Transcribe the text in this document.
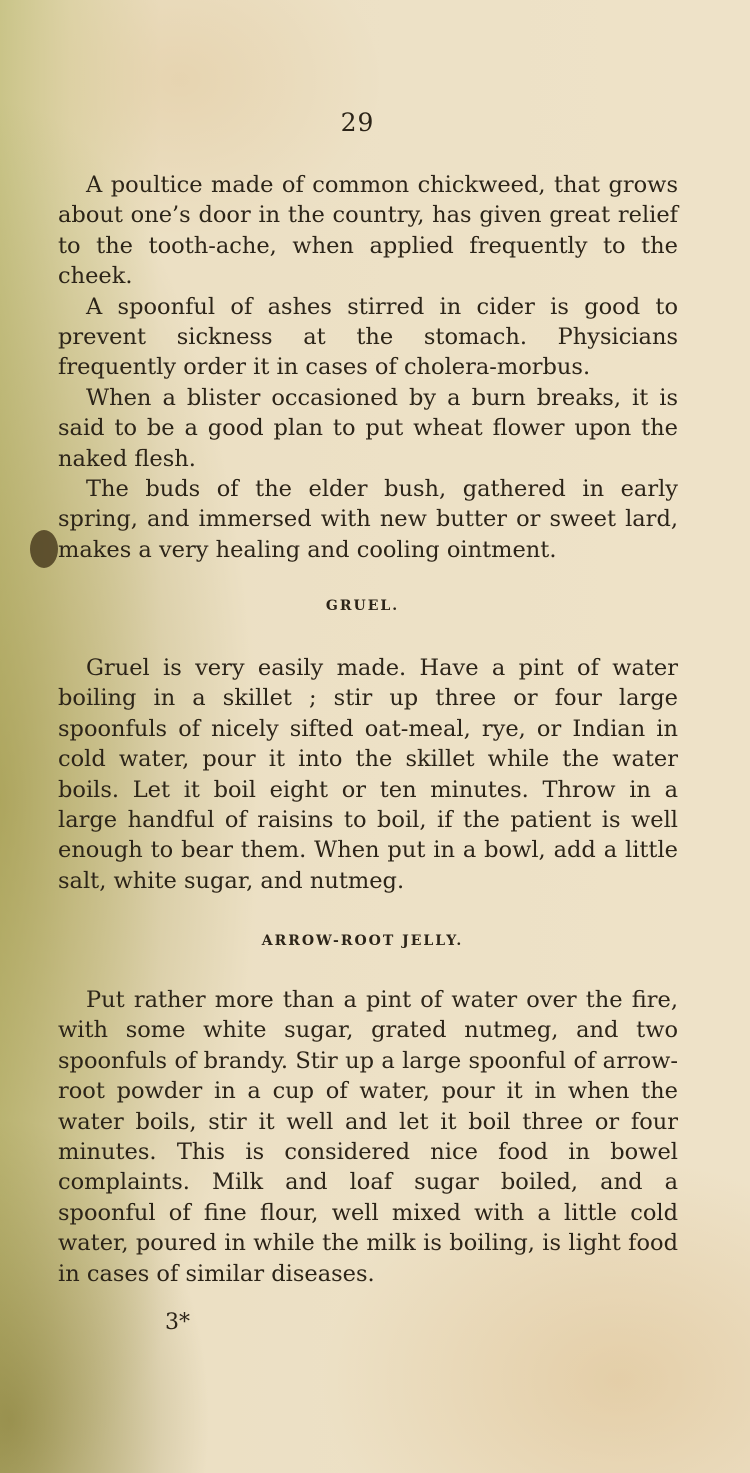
29

A poultice made of common chickweed, that grows about one’s door in the country, has given great relief to the tooth-ache, when applied frequently to the cheek.

A spoonful of ashes stirred in cider is good to prevent sickness at the stomach. Physicians frequently order it in cases of cholera-morbus.

When a blister occasioned by a burn breaks, it is said to be a good plan to put wheat flower upon the naked flesh.

The buds of the elder bush, gathered in early spring, and immersed with new butter or sweet lard, makes a very healing and cooling ointment.

GRUEL.

Gruel is very easily made. Have a pint of water boiling in a skillet ; stir up three or four large spoonfuls of nicely sifted oat-meal, rye, or Indian in cold water, pour it into the skillet while the water boils. Let it boil eight or ten minutes. Throw in a large handful of raisins to boil, if the patient is well enough to bear them. When put in a bowl, add a little salt, white sugar, and nutmeg.

ARROW-ROOT JELLY.

Put rather more than a pint of water over the fire, with some white sugar, grated nutmeg, and two spoonfuls of brandy. Stir up a large spoonful of arrow-root powder in a cup of water, pour it in when the water boils, stir it well and let it boil three or four minutes. This is considered nice food in bowel complaints. Milk and loaf sugar boiled, and a spoonful of fine flour, well mixed with a little cold water, poured in while the milk is boiling, is light food in cases of similar diseases.

3*
